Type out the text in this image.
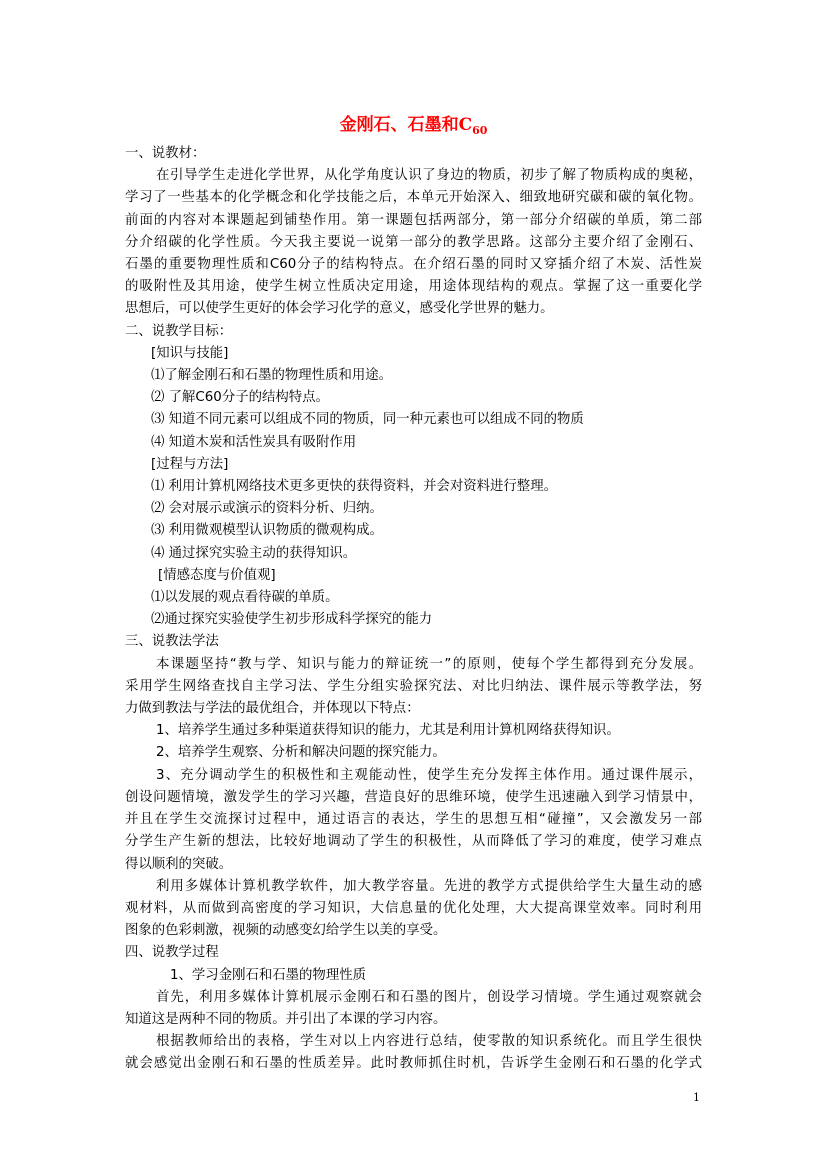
金刚石、石墨和$C_{60}$

一、说教材：

在引导学生走进化学世界，从化学角度认识了身边的物质，初步了解了物质构成的奥秘，

学习了一些基本的化学概念和化学技能之后，本单元开始深入、细致地研究碳和碳的氧化物。

前面的内容对本课题起到铺垫作用。第一课题包括两部分，第一部分介绍碳的单质，第二部

分介绍碳的化学性质。今天我主要说一说第一部分的教学思路。这部分主要介绍了金刚石、

石墨的重要物理性质和C60分子的结构特点。在介绍石墨的同时又穿插介绍了木炭、活性炭

的吸附性及其用途，使学生树立性质决定用途，用途体现结构的观点。掌握了这一重要化学

思想后，可以使学生更好的体会学习化学的意义，感受化学世界的魅力。

二、说教学目标：

[知识与技能]

⑴了解金刚石和石墨的物理性质和用途。

⑵ 了解C60分子的结构特点。

⑶ 知道不同元素可以组成不同的物质，同一种元素也可以组成不同的物质

⑷ 知道木炭和活性炭具有吸附作用

[过程与方法]

⑴ 利用计算机网络技术更多更快的获得资料，并会对资料进行整理。

⑵ 会对展示或演示的资料分析、归纳。

⑶ 利用微观模型认识物质的微观构成。

⑷ 通过探究实验主动的获得知识。

[情感态度与价值观]

⑴以发展的观点看待碳的单质。

⑵通过探究实验使学生初步形成科学探究的能力

三、说教法学法

本课题坚持“教与学、知识与能力的辩证统一”的原则，使每个学生都得到充分发展。

采用学生网络查找自主学习法、学生分组实验探究法、对比归纳法、课件展示等教学法，努

力做到教法与学法的最优组合，并体现以下特点：

1、培养学生通过多种渠道获得知识的能力，尤其是利用计算机网络获得知识。

2、培养学生观察、分析和解决问题的探究能力。

3、充分调动学生的积极性和主观能动性，使学生充分发挥主体作用。通过课件展示，

创设问题情境，激发学生的学习兴趣，营造良好的思维环境，使学生迅速融入到学习情景中，

并且在学生交流探讨过程中，通过语言的表达，学生的思想互相“碰撞”，又会激发另一部

分学生产生新的想法，比较好地调动了学生的积极性，从而降低了学习的难度，使学习难点

得以顺利的突破。

利用多媒体计算机教学软件，加大教学容量。先进的教学方式提供给学生大量生动的感

观材料，从而做到高密度的学习知识，大信息量的优化处理，大大提高课堂效率。同时利用

图象的色彩刺激，视频的动感变幻给学生以美的享受。

四、说教学过程

1、学习金刚石和石墨的物理性质

首先，利用多媒体计算机展示金刚石和石墨的图片，创设学习情境。学生通过观察就会

知道这是两种不同的物质。并引出了本课的学习内容。

根据教师给出的表格，学生对以上内容进行总结，使零散的知识系统化。而且学生很快

就会感觉出金刚石和石墨的性质差异。此时教师抓住时机，告诉学生金刚石和石墨的化学式

1
